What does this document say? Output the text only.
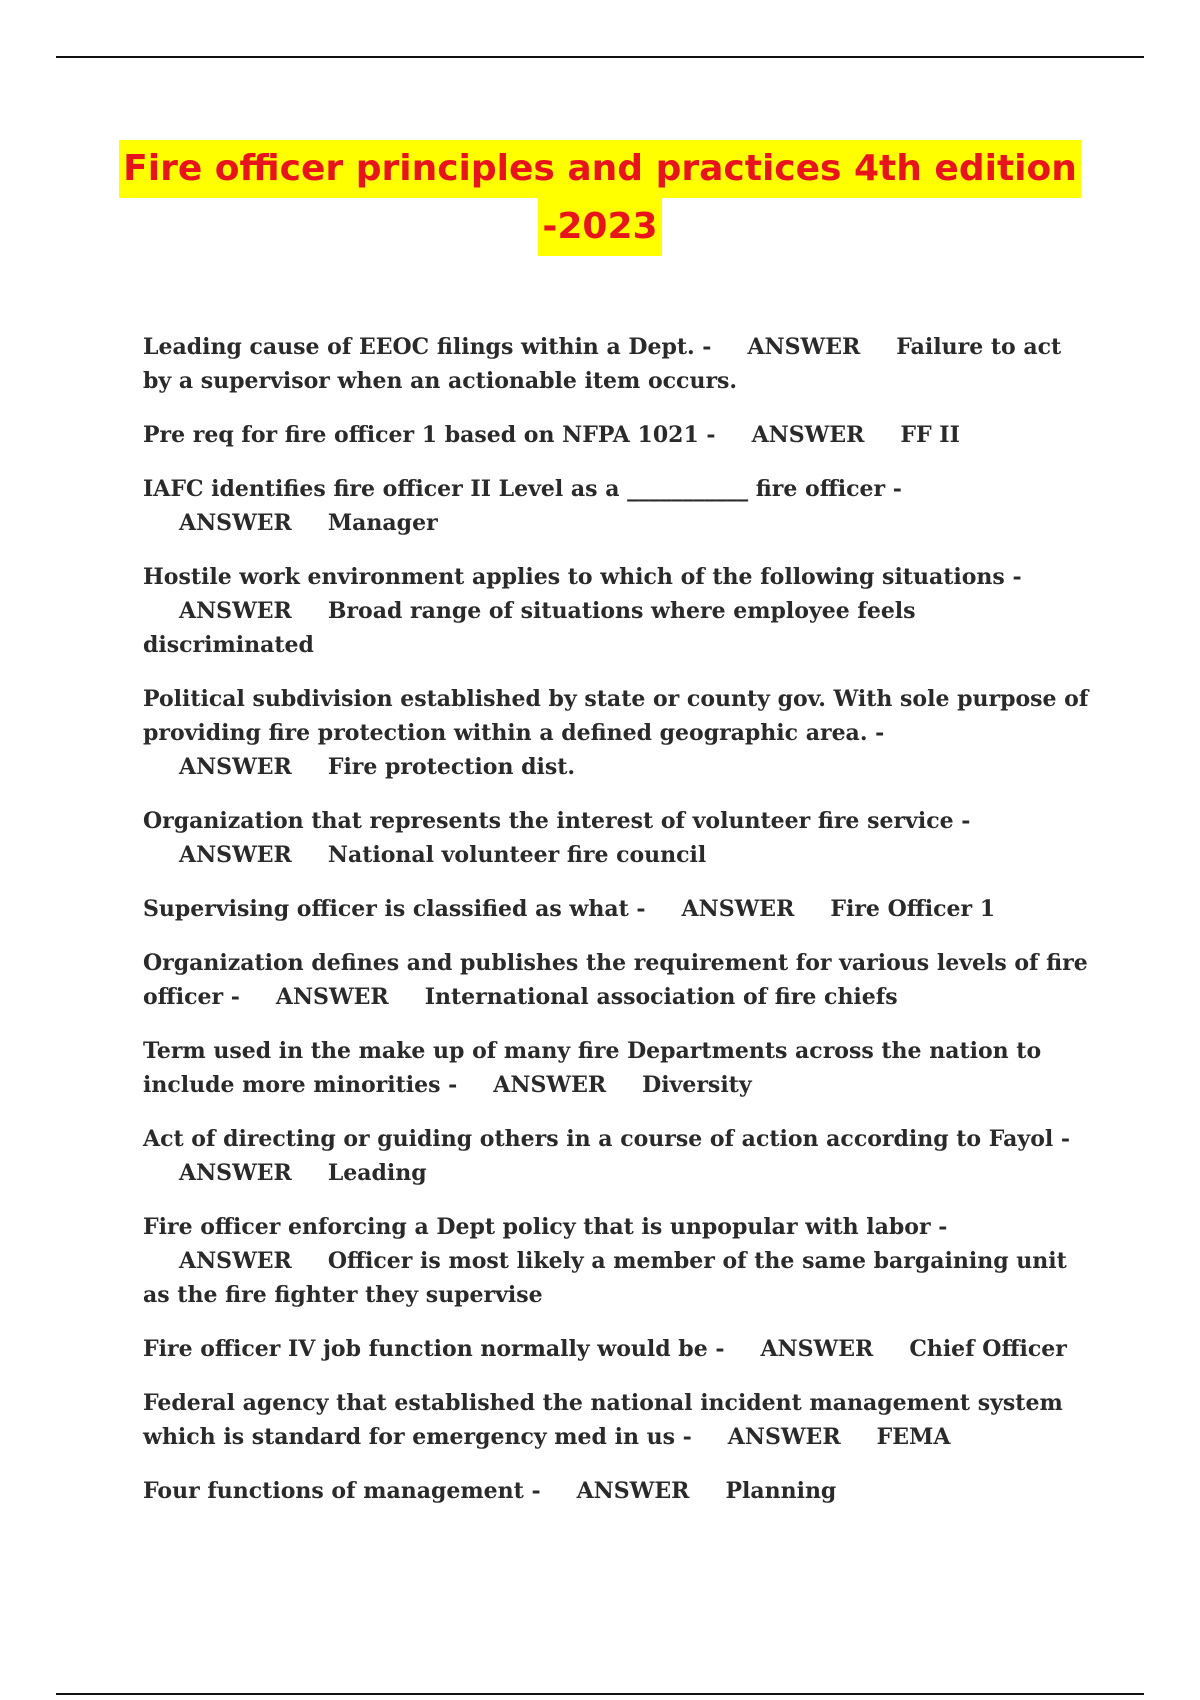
Fire officer principles and practices 4th edition
-2023

Leading cause of EEOC filings within a Dept. - ANSWER Failure to act by a supervisor when an actionable item occurs.

Pre req for fire officer 1 based on NFPA 1021 - ANSWER FF II

IAFC identifies fire officer II Level as a ___________ fire officer -ANSWER Manager

Hostile work environment applies to which of the following situations -ANSWER Broad range of situations where employee feels discriminated

Political subdivision established by state or county gov. With sole purpose of providing fire protection within a defined geographic area. -ANSWER Fire protection dist.

Organization that represents the interest of volunteer fire service -ANSWER National volunteer fire council

Supervising officer is classified as what - ANSWER Fire Officer 1

Organization defines and publishes the requirement for various levels of fire officer - ANSWER International association of fire chiefs

Term used in the make up of many fire Departments across the nation to include more minorities - ANSWER Diversity

Act of directing or guiding others in a course of action according to Fayol -ANSWER Leading

Fire officer enforcing a Dept policy that is unpopular with labor -ANSWER Officer is most likely a member of the same bargaining unit as the fire fighter they supervise

Fire officer IV job function normally would be - ANSWER Chief Officer

Federal agency that established the national incident management system which is standard for emergency med in us - ANSWER FEMA

Four functions of management - ANSWER Planning
